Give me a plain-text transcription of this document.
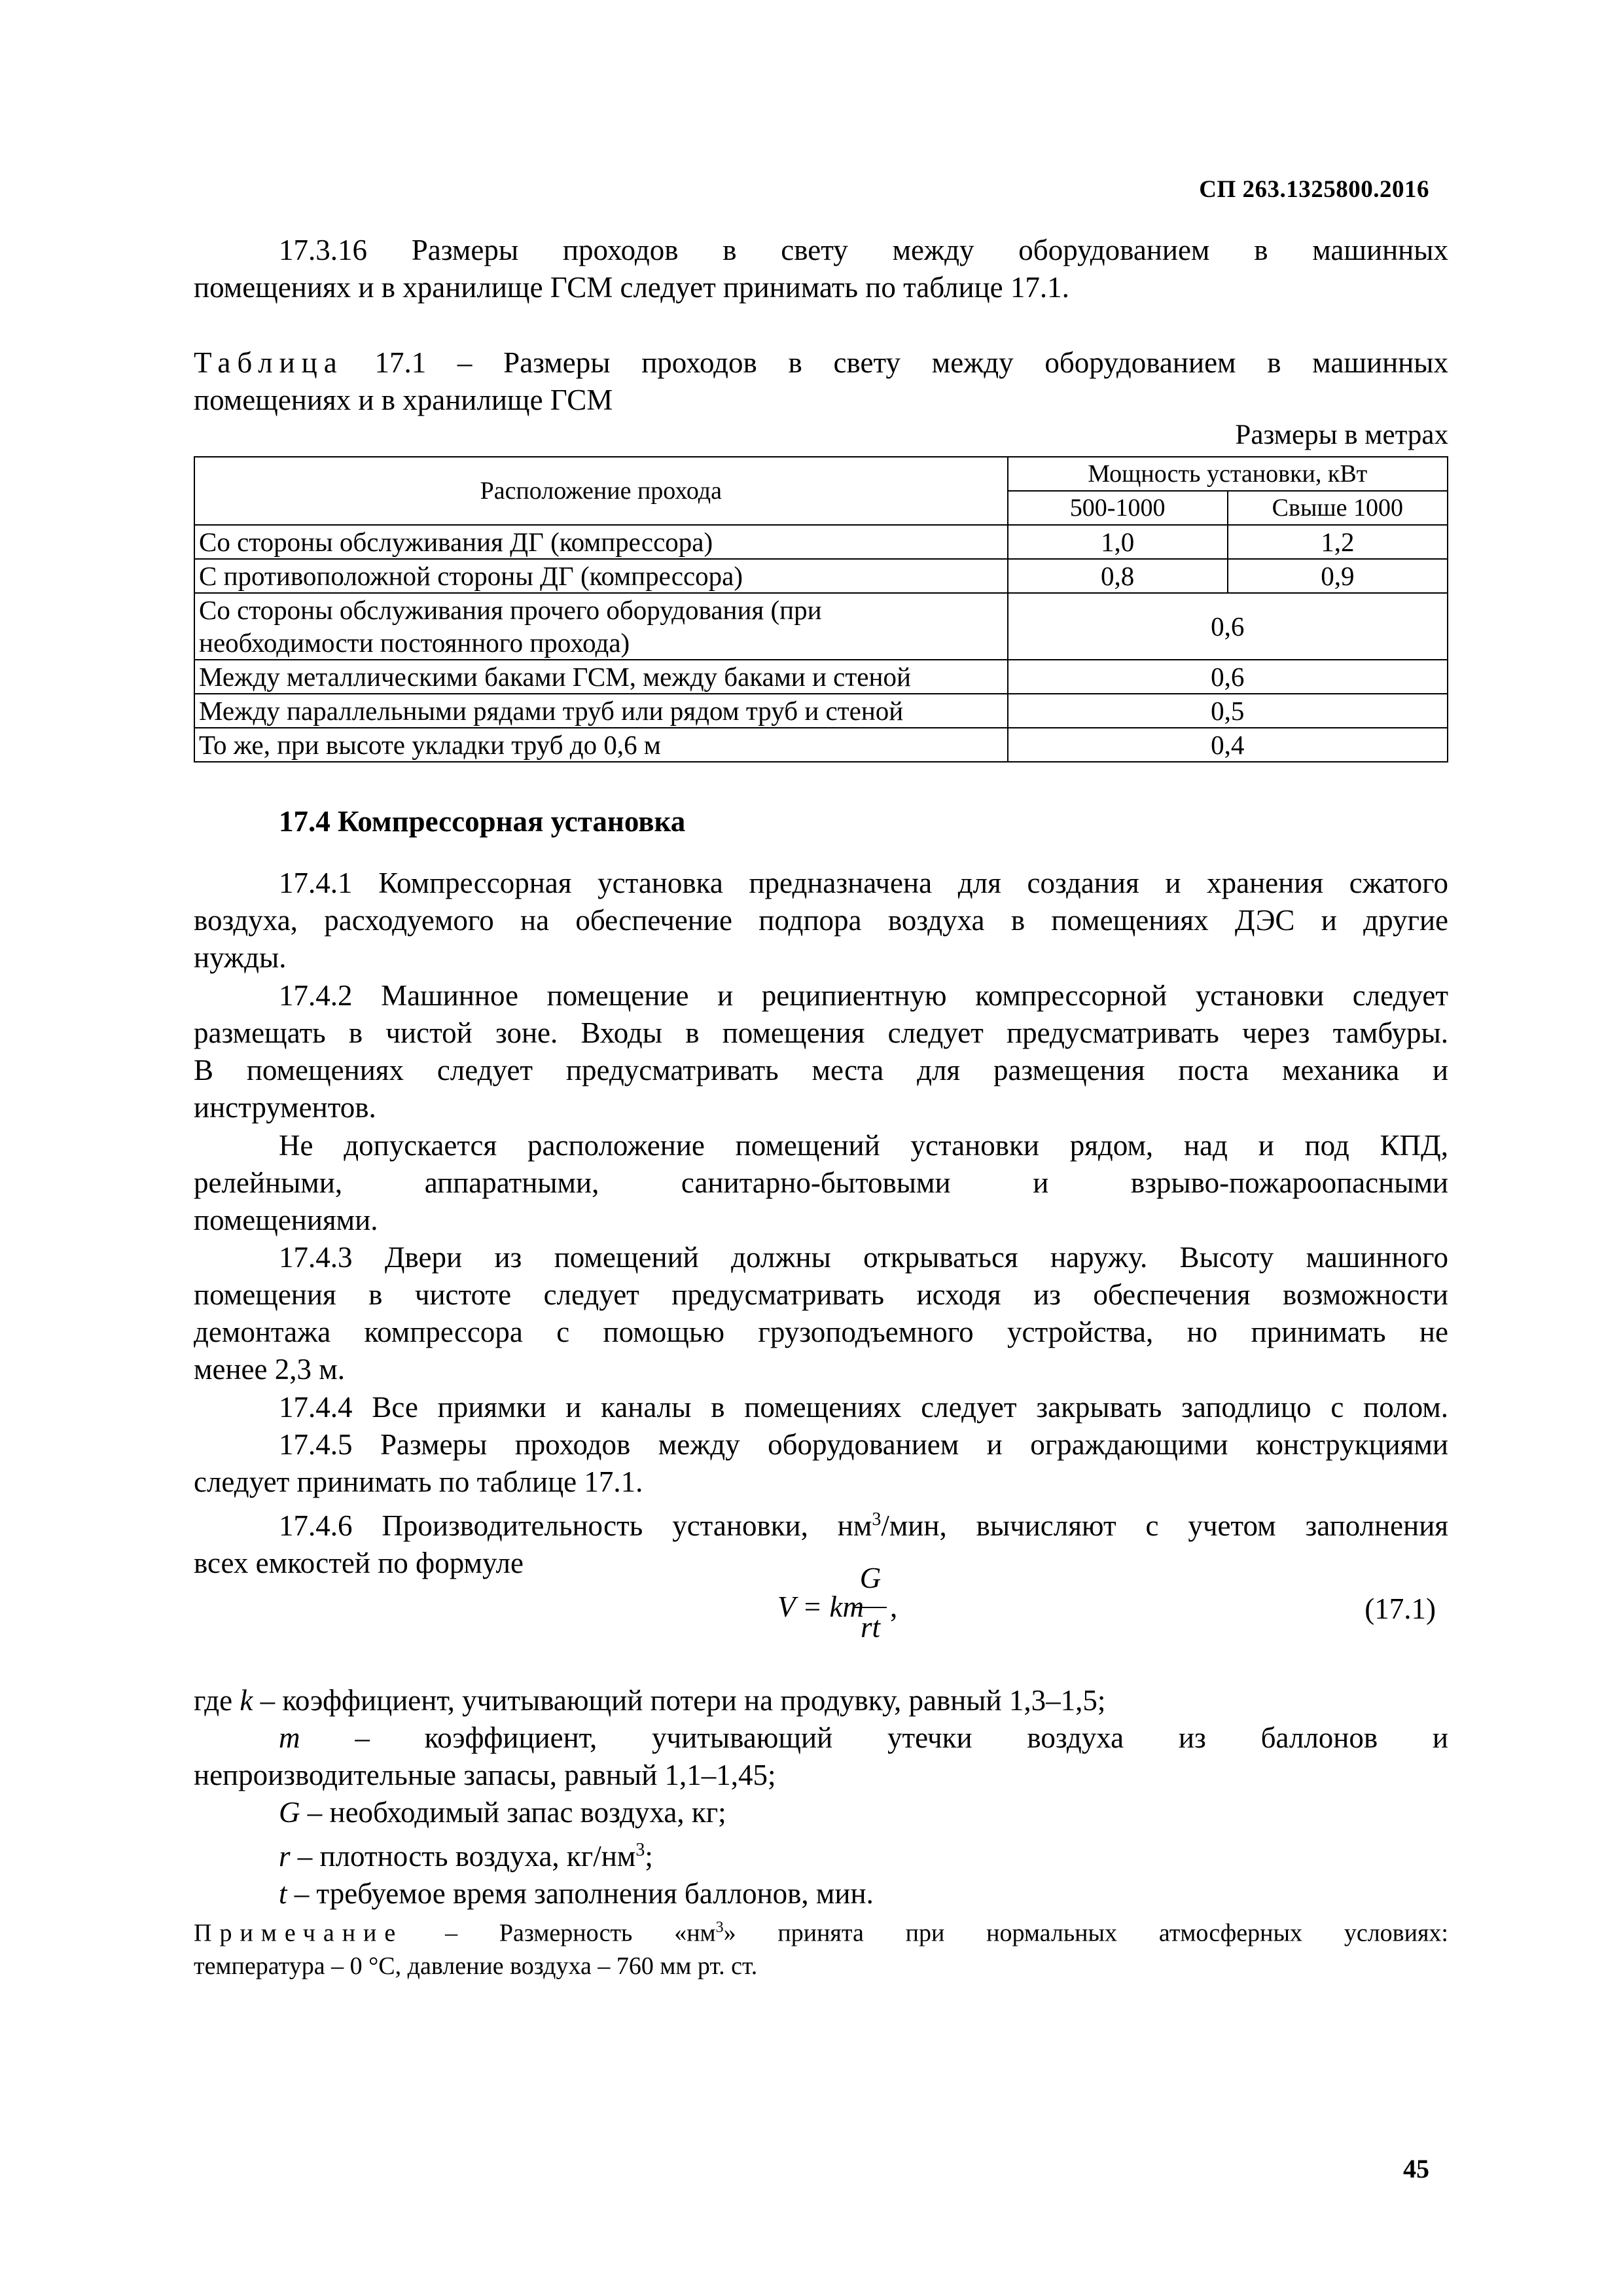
СП 263.1325800.2016
17.3.16 Размеры проходов в свету между оборудованием в машинных
помещениях и в хранилище ГСМ следует принимать по таблице 17.1.
Таблица 17.1 – Размеры проходов в свету между оборудованием в машинных
помещениях и в хранилище ГСМ
Размеры в метрах
Расположение прохода	Мощность установки, кВт	
	500-1000	Свыше 1000
Со стороны обслуживания ДГ (компрессора)	1,0	1,2
С противоположной стороны ДГ (компрессора)	0,8	0,9

Со стороны обслуживания прочего оборудования (при
необходимости постоянного прохода)	0,6	
Между металлическими баками ГСМ, между баками и стеной	0,6	
Между параллельными рядами труб или рядом труб и стеной	0,5	
То же, при высоте укладки труб до 0,6 м	0,4	
17.4 Компрессорная установка
17.4.1 Компрессорная установка предназначена для создания и хранения сжатого
воздуха, расходуемого на обеспечение подпора воздуха в помещениях ДЭС и другие
нужды.
17.4.2 Машинное помещение и реципиентную компрессорной установки следует
размещать в чистой зоне. Входы в помещения следует предусматривать через тамбуры.
В помещениях следует предусматривать места для размещения поста механика и
инструментов.
Не допускается расположение помещений установки рядом, над и под КПД,
релейными, аппаратными, санитарно-бытовыми и взрыво-пожароопасными
помещениями.
17.4.3 Двери из помещений должны открываться наружу. Высоту машинного
помещения в чистоте следует предусматривать исходя из обеспечения возможности
демонтажа компрессора с помощью грузоподъемного устройства, но принимать не
менее 2,3 м.
17.4.4 Все приямки и каналы в помещениях следует закрывать заподлицо с полом.
17.4.5 Размеры проходов между оборудованием и ограждающими конструкциями
следует принимать по таблице 17.1.
17.4.6 Производительность установки, $нм^3$/мин, вычисляют с учетом заполнения
всех емкостей по формуле
V = km
G
rt
,	(17.1)
где k – коэффициент, учитывающий потери на продувку, равный 1,3–1,5;
m – коэффициент, учитывающий утечки воздуха из баллонов и
непроизводительные запасы, равный 1,1–1,45;
G – необходимый запас воздуха, кг;
r – плотность воздуха, $кг/нм^3$;
t – требуемое время заполнения баллонов, мин.
Примечание – Размерность «$нм^3$» принята при нормальных атмосферных условиях:
температура – 0 °С, давление воздуха – 760 мм рт. ст.
45
